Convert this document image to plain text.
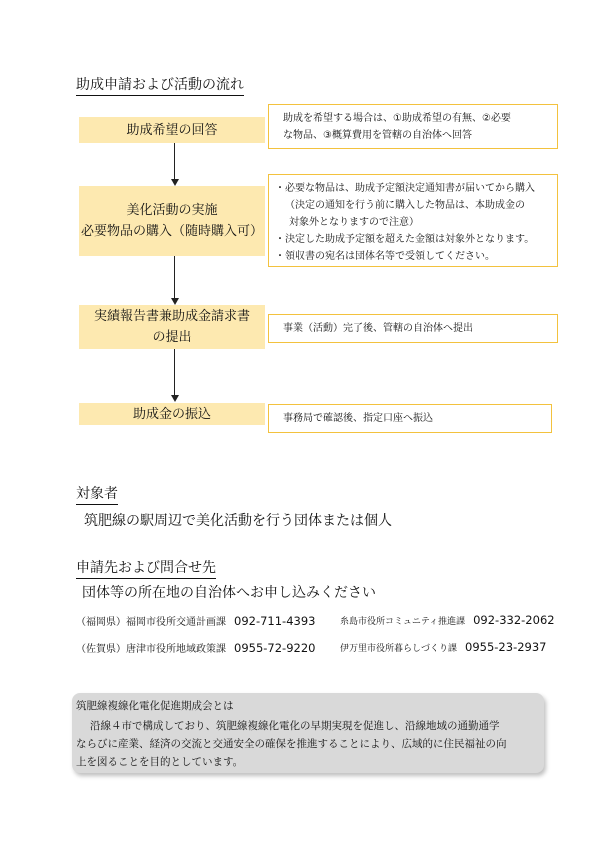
助成申請および活動の流れ
助成希望の回答
助成を希望する場合は、①助成希望の有無、②必要
な物品、③概算費用を管轄の自治体へ回答
美化活動の実施
必要物品の購入（随時購入可）
・必要な物品は、助成予定額決定通知書が届いてから購入
（決定の通知を行う前に購入した物品は、本助成金の
対象外となりますので注意）
・決定した助成予定額を超えた金額は対象外となります。
・領収書の宛名は団体名等で受領してください。
実績報告書兼助成金請求書
の提出
事業（活動）完了後、管轄の自治体へ提出
助成金の振込	事務局で確認後、指定口座へ振込
対象者
筑肥線の駅周辺で美化活動を行う団体または個人
申請先および問合せ先
団体等の所在地の自治体へお申し込みください
（福岡県）福岡市役所交通計画課 092-711-4393	糸島市役所コミュニティ推進課 092-332-2062
（佐賀県）唐津市役所地域政策課 0955-72-9220	伊万里市役所暮らしづくり課 0955-23-2937
筑肥線複線化電化促進期成会とは
沿線４市で構成しており、筑肥線複線化電化の早期実現を促進し、沿線地域の通勤通学
ならびに産業、経済の交流と交通安全の確保を推進することにより、広域的に住民福祉の向
上を図ることを目的としています。
